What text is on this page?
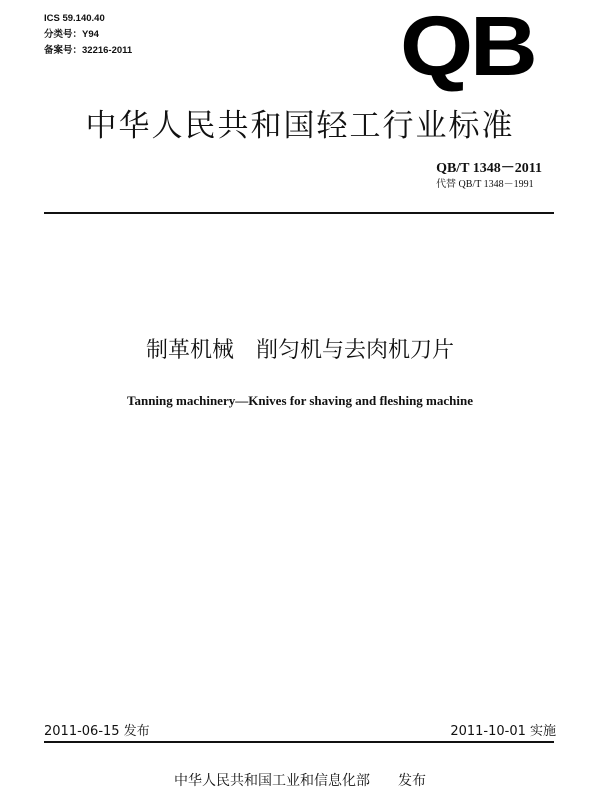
ICS 59.140.40
分类号：Y94
备案号：32216-2011	QB
中华人民共和国轻工行业标准
QB/T 1348－2011
代替 QB/T 1348－1991
制革机械　削匀机与去肉机刀片
Tanning machinery—Knives for shaving and fleshing machine
2011-06-15 发布	2011-10-01 实施
中华人民共和国工业和信息化部　　发布
